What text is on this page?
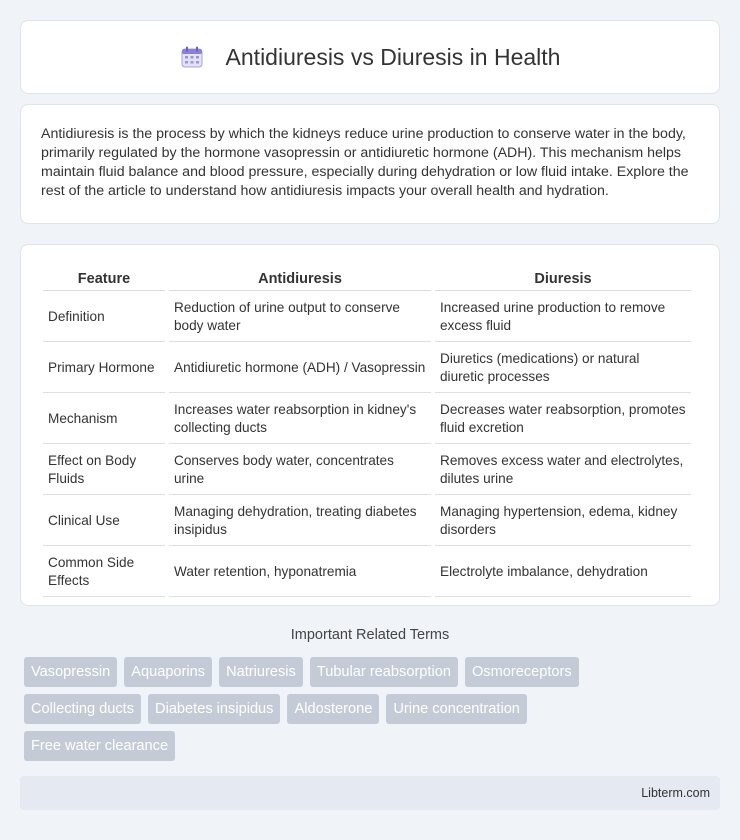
Antidiuresis vs Diuresis in Health

Antidiuresis is the process by which the kidneys reduce urine production to conserve water in the body, primarily regulated by the hormone vasopressin or antidiuretic hormone (ADH). This mechanism helps maintain fluid balance and blood pressure, especially during dehydration or low fluid intake. Explore the rest of the article to understand how antidiuresis impacts your overall health and hydration.

Feature	Antidiuresis	Diuresis
Definition	Reduction of urine output to conserve body water	Increased urine production to remove excess fluid
Primary Hormone	Antidiuretic hormone (ADH) / Vasopressin	Diuretics (medications) or natural diuretic processes
Mechanism	Increases water reabsorption in kidney's collecting ducts	Decreases water reabsorption, promotes fluid excretion
Effect on Body Fluids	Conserves body water, concentrates urine	Removes excess water and electrolytes, dilutes urine
Clinical Use	Managing dehydration, treating diabetes insipidus	Managing hypertension, edema, kidney disorders
Common Side Effects	Water retention, hyponatremia	Electrolyte imbalance, dehydration
Important Related Terms
Vasopressin	Aquaporins	Natriuresis	Tubular reabsorption	Osmoreceptors
Collecting ducts	Diabetes insipidus	Aldosterone	Urine concentration
Free water clearance
Libterm.com
